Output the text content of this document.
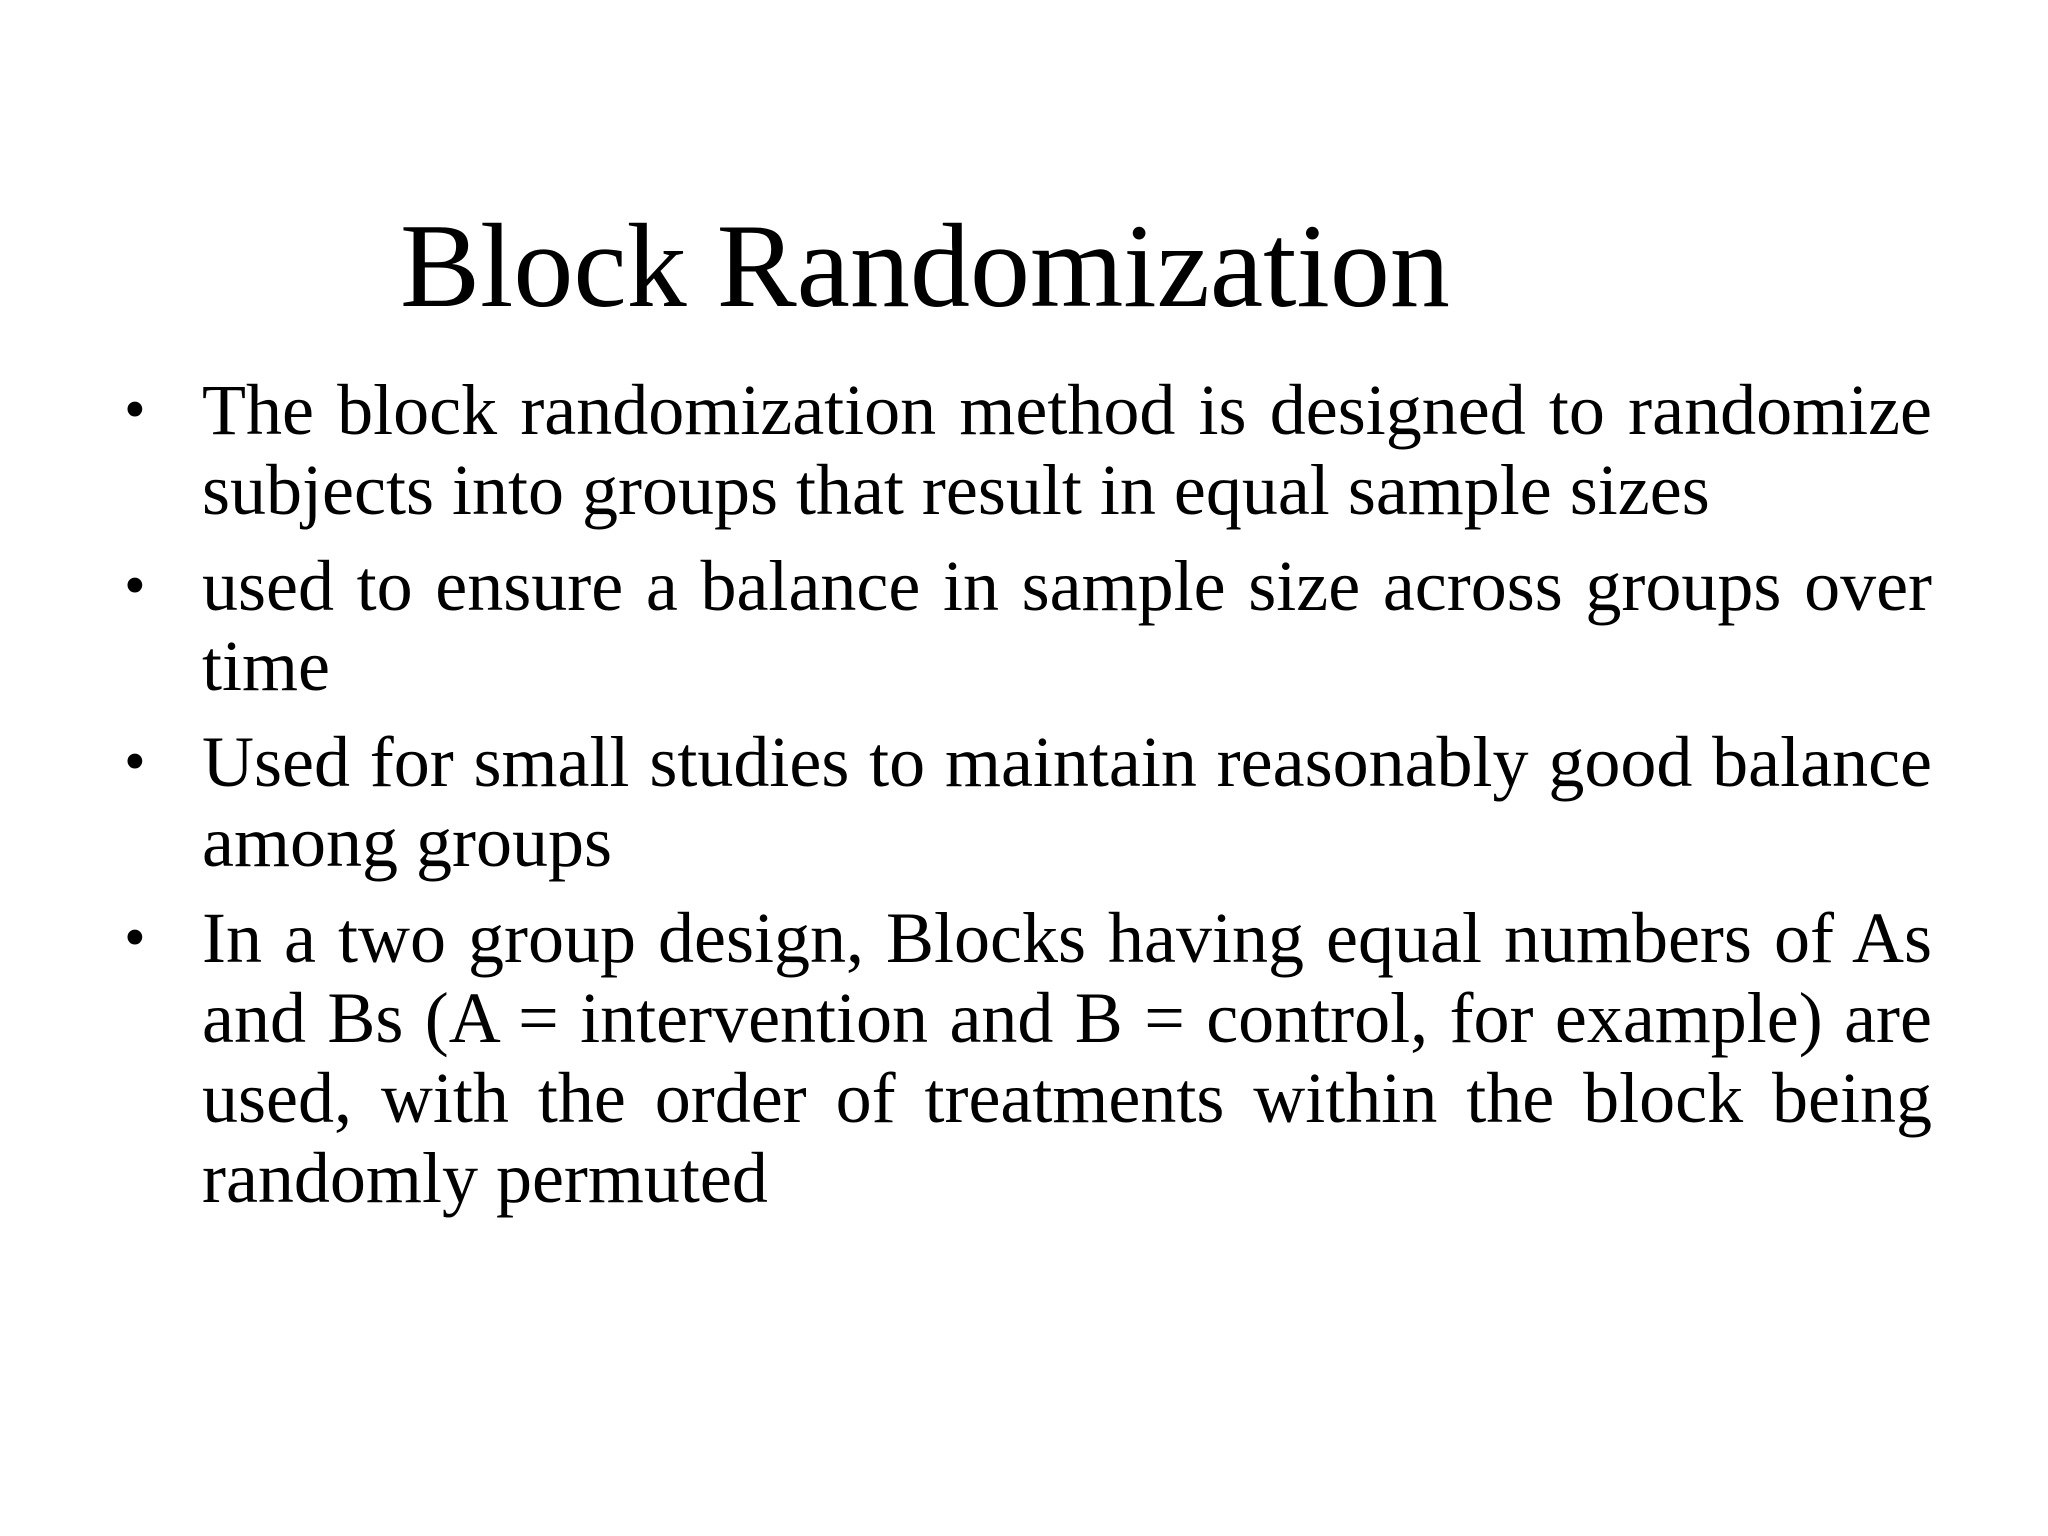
Block Randomization
• The block randomization method is designed to randomize subjects into groups that result in equal sample sizes
• used to ensure a balance in sample size across groups over time
• Used for small studies to maintain reasonably good balance among groups
• In a two group design, Blocks having equal numbers of As and Bs (A = intervention and B = control, for example) are used, with the order of treatments within the block being randomly permuted
